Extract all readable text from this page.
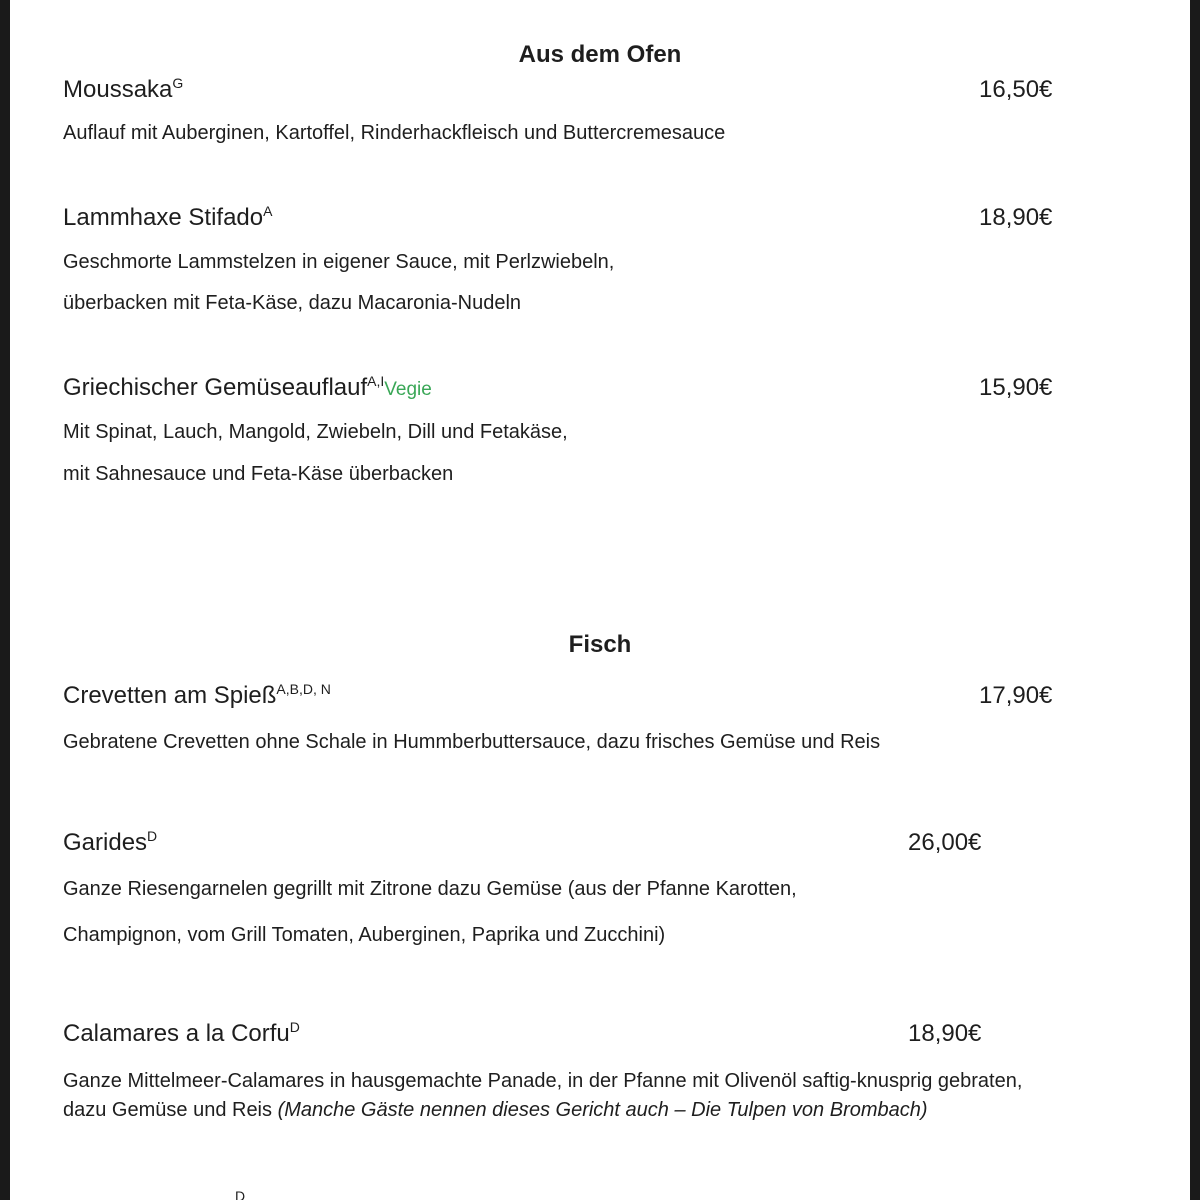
Aus dem Ofen
Moussaka$^G$	16,50€
Auflauf mit Auberginen, Kartoffel, Rinderhackfleisch und Buttercremesauce
Lammhaxe Stifado$^A$	18,90€
Geschmorte Lammstelzen in eigener Sauce, mit Perlzwiebeln,
überbacken mit Feta-Käse, dazu Macaronia-Nudeln
Griechischer Gemüseauflauf$^{A,I}$Vegie	15,90€
Mit Spinat, Lauch, Mangold, Zwiebeln, Dill und Fetakäse,
mit Sahnesauce und Feta-Käse überbacken
Fisch
Crevetten am Spieß$^{A,B,D, N}$	17,90€
Gebratene Crevetten ohne Schale in Hummberbuttersauce, dazu frisches Gemüse und Reis
Garides$^D$	26,00€
Ganze Riesengarnelen gegrillt mit Zitrone dazu Gemüse (aus der Pfanne Karotten,
Champignon, vom Grill Tomaten, Auberginen, Paprika und Zucchini)
Calamares a la Corfu$^D$	18,90€
Ganze Mittelmeer-Calamares in hausgemachte Panade, in der Pfanne mit Olivenöl saftig-knusprig gebraten,
dazu Gemüse und Reis (Manche Gäste nennen dieses Gericht auch – Die Tulpen von Brombach)
$^D$
